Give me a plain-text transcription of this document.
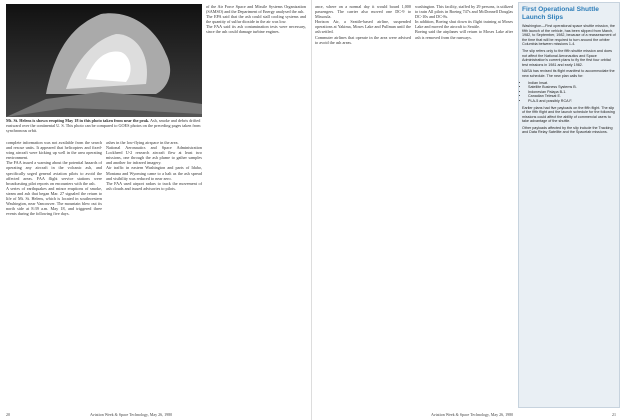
Mt. St. Helens is shown erupting May 18 in this photo taken from near the peak. Ash, smoke and debris drifted eastward over the continental U. S. This photo can be compared to GOES photos on the preceding pages taken from synchronous orbit.

complete information was not available from the search and rescue units. It appeared that helicopters and fixed-wing aircraft were kicking up well in the area operating environment.

The FAA issued a warning about the potential hazards of operating any aircraft in the volcanic ash, and specifically urged general aviation pilots to avoid the affected areas. FAA flight service stations were broadcasting pilot reports on encounters with the ash.

A series of earthquakes and minor eruptions of smoke, steam and ash that began Mar. 27 signaled the return to life of Mt. St. Helens, which is located in southwestern Washington, near Vancouver. The mountain blew out its north side at 8:39 a.m. May 18, and triggered three events during the following five days.

ashes in the low-flying airspace in the area.

National Aeronautics and Space Administration Lockheed U-2 research aircraft flew at least two missions, one through the ash plume to gather samples and another for infrared imagery.

Air traffic in eastern Washington and parts of Idaho, Montana and Wyoming came to a halt as the ash spread and visibility was reduced to near zero.

The FAA used airport radars to track the movement of ash clouds and issued advisories to pilots.

of the Air Force Space and Missile Systems Organization (SAMSO) and the Department of Energy analysed the ash.

The EPA said that the ash could stall cooling systems and the quantity of sulfur dioxide in the air was low.

The FAA said its ash contamination tests were necessary, since the ash could damage turbine engines.

20	Aviation Week & Space Technology, May 26, 1980

ance, where on a normal day it would board 1,000 passengers. The carrier also moved one DC-9 to Missoula.

Horizon Air, a Seattle-based airline, suspended operations at Yakima, Moses Lake and Pullman until the ash settled.

Commuter airlines that operate in the area were advised to avoid the ash areas.

washington. This facility, staffed by 29 persons, is utilized to train All pilots in Boeing 747s and McDonnell Douglas DC-10s and DC-8s.

In addition, Boeing shut down its flight training at Moses Lake and moved the aircraft to Seattle.

Boeing said the airplanes will return to Moses Lake after ash is removed from the runways.

First Operational Shuttle Launch Slips

Washington—First operational space shuttle mission, the fifth launch of the vehicle, has been slipped from March, 1982, to September, 1982, because of a reassessment of the time that will be required to turn around the orbiter Columbia between missions 1-4.

The slip refers only to the fifth shuttle mission and does not affect the National Aeronautics and Space Administration's current plans to fly the first four orbital test missions in 1981 and early 1982.

NASA has revised its flight manifest to accommodate the new schedule. The new plan calls for:

• Indian Insat.
• Satellite Business Systems B.
• Indonesian Palapa B-1.
• Canadian Telesat E.
• PLA-5 and possibly RCA F.

Earlier plans had five payloads on the fifth flight. The slip of the fifth flight and the launch schedule for the following missions could affect the ability of commercial users to take advantage of the shuttle.

Other payloads affected by the slip include the Tracking and Data Relay Satellite and the Spacelab missions.

Aviation Week & Space Technology, May 26, 1980	21
